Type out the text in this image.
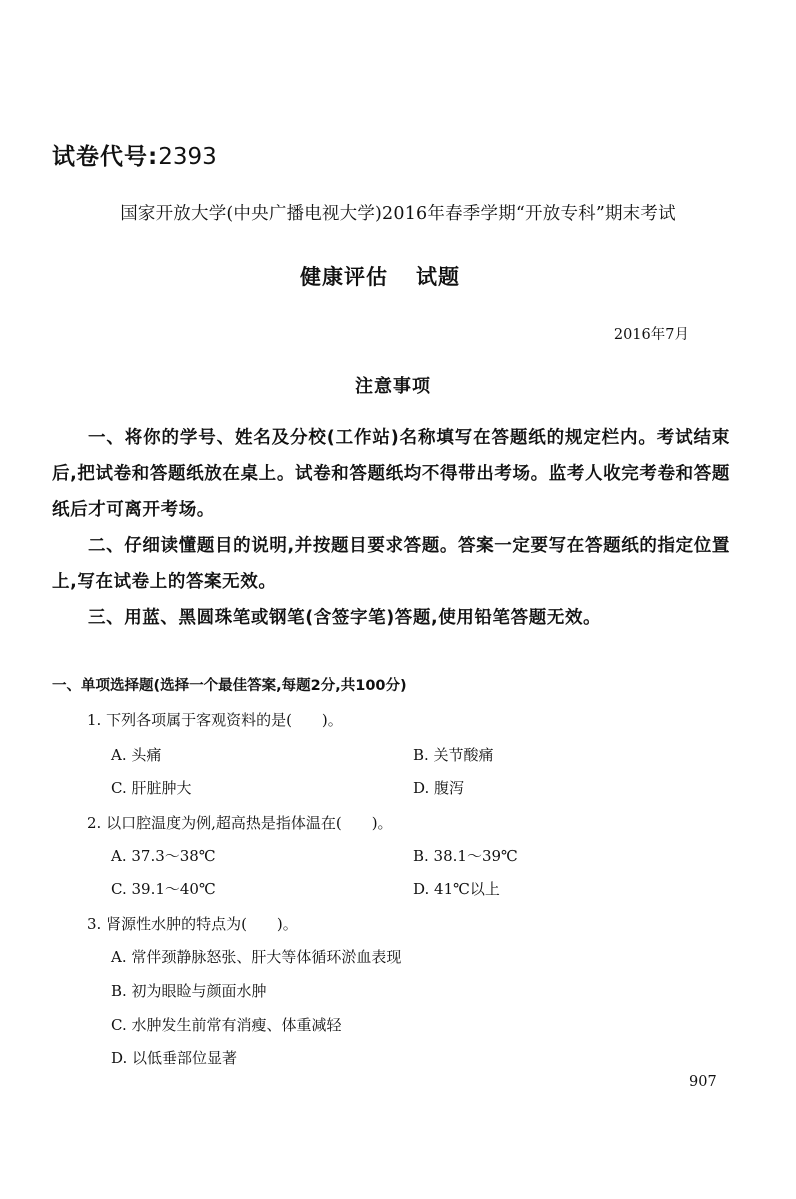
试卷代号:2393
国家开放大学(中央广播电视大学)2016年春季学期“开放专科”期末考试
健康评估 试题
2016年7月
注意事项
一、将你的学号、姓名及分校(工作站)名称填写在答题纸的规定栏内。考试结束后,把试卷和答题纸放在桌上。试卷和答题纸均不得带出考场。监考人收完考卷和答题纸后才可离开考场。
二、仔细读懂题目的说明,并按题目要求答题。答案一定要写在答题纸的指定位置上,写在试卷上的答案无效。
三、用蓝、黑圆珠笔或钢笔(含签字笔)答题,使用铅笔答题无效。
一、单项选择题(选择一个最佳答案,每题2分,共100分)
1. 下列各项属于客观资料的是(　　)。
A. 头痛	B. 关节酸痛
C. 肝脏肿大	D. 腹泻
2. 以口腔温度为例,超高热是指体温在(　　)。
A. 37.3～38℃	B. 38.1～39℃
C. 39.1～40℃	D. 41℃以上
3. 肾源性水肿的特点为(　　)。
A. 常伴颈静脉怒张、肝大等体循环淤血表现
B. 初为眼睑与颜面水肿
C. 水肿发生前常有消瘦、体重减轻
D. 以低垂部位显著
907
